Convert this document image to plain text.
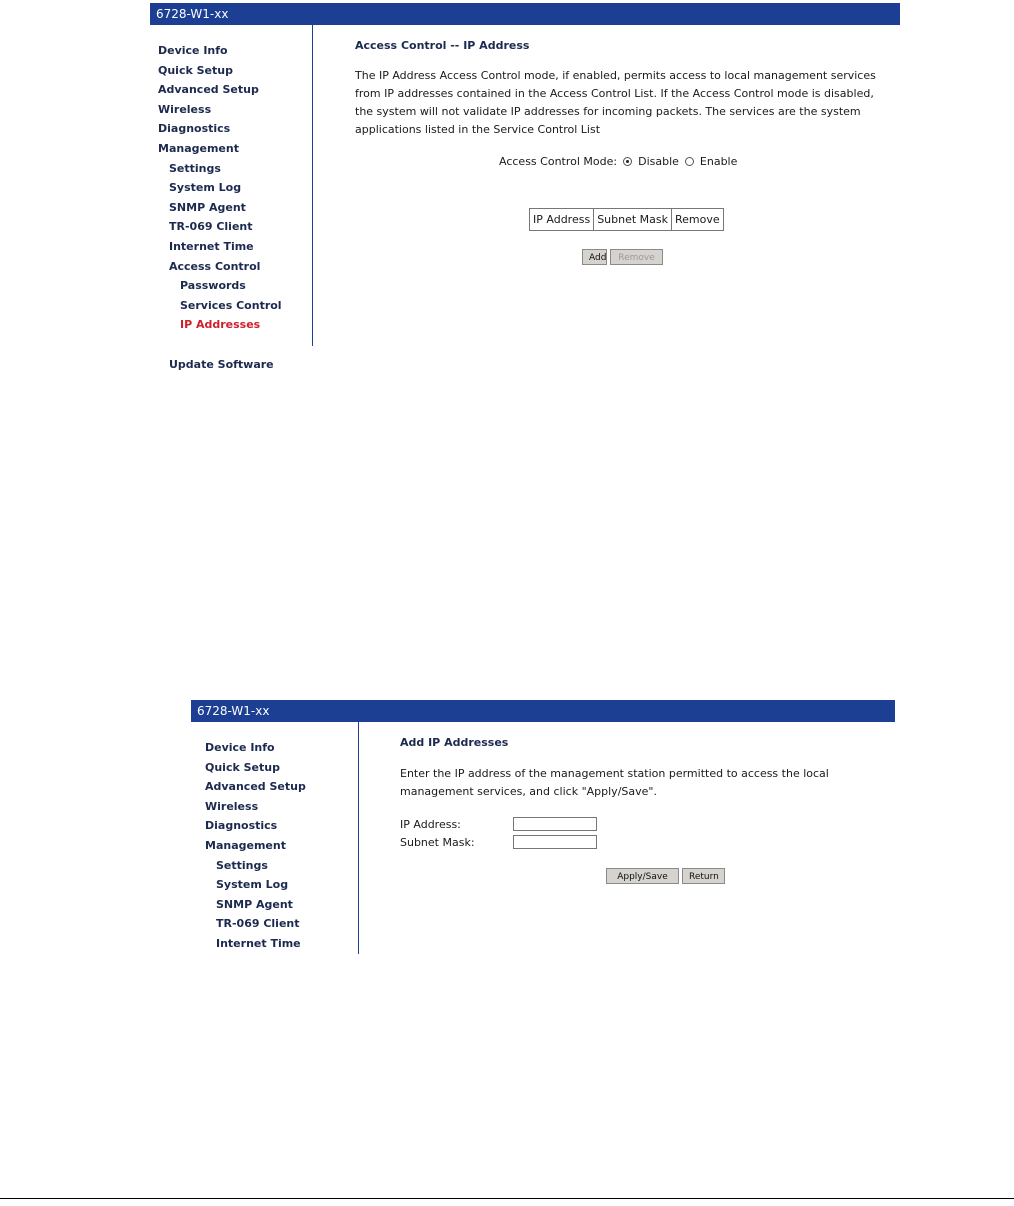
6728-W1-xx
Device Info
Quick Setup
Advanced Setup
Wireless
Diagnostics
Management
Settings
System Log
SNMP Agent
TR-069 Client
Internet Time
Access Control
Passwords
Services Control
IP Addresses
Update Software
Access Control -- IP Address
The IP Address Access Control mode, if enabled, permits access to local management services from IP addresses contained in the Access Control List. If the Access Control mode is disabled, the system will not validate IP addresses for incoming packets. The services are the system applications listed in the Service Control List
Access Control Mode: Disable Enable
IP Address	Subnet Mask	Remove
Add	Remove
6728-W1-xx
Device Info
Quick Setup
Advanced Setup
Wireless
Diagnostics
Management
Settings
System Log
SNMP Agent
TR-069 Client
Internet Time
Add IP Addresses
Enter the IP address of the management station permitted to access the local management services, and click "Apply/Save".
IP Address:
Subnet Mask:
Apply/Save	Return
